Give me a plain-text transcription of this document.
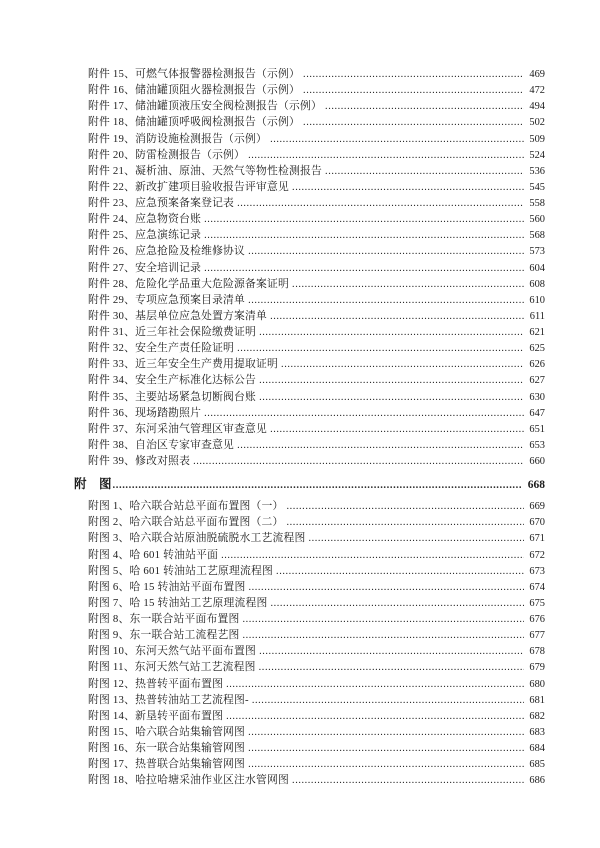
附件 15、可燃气体报警器检测报告（示例） .....	469
附件 16、储油罐顶阻火器检测报告（示例） .....	472
附件 17、储油罐顶液压安全阀检测报告（示例） .....	494
附件 18、储油罐顶呼吸阀检测报告（示例） .....	502
附件 19、消防设施检测报告（示例） .....	509
附件 20、防雷检测报告（示例） .....	524
附件 21、凝析油、原油、天然气等物性检测报告 .....	536
附件 22、新改扩建项目验收报告评审意见 .....	545
附件 23、应急预案备案登记表 .....	558
附件 24、应急物资台账 .....	560
附件 25、应急演练记录 .....	568
附件 26、应急抢险及检维修协议 .....	573
附件 27、安全培训记录 .....	604
附件 28、危险化学品重大危险源备案证明 .....	608
附件 29、专项应急预案目录清单 .....	610
附件 30、基层单位应急处置方案清单 .....	611
附件 31、近三年社会保险缴费证明 .....	621
附件 32、安全生产责任险证明 .....	625
附件 33、近三年安全生产费用提取证明 .....	626
附件 34、安全生产标准化达标公告 .....	627
附件 35、主要站场紧急切断阀台账 .....	630
附件 36、现场踏勘照片 .....	647
附件 37、东河采油气管理区审查意见 .....	651
附件 38、自治区专家审查意见 .....	653
附件 39、修改对照表 .....	660
附　图 .....	668
附图 1、哈六联合站总平面布置图（一） .....	669
附图 2、哈六联合站总平面布置图（二） .....	670
附图 3、哈六联合站原油脱硫脱水工艺流程图 .....	671
附图 4、哈 601 转油站平面 .....	672
附图 5、哈 601 转油站工艺原理流程图 .....	673
附图 6、哈 15 转油站平面布置图 .....	674
附图 7、哈 15 转油站工艺原理流程图 .....	675
附图 8、东一联合站平面布置图 .....	676
附图 9、东一联合站工流程艺图 .....	677
附图 10、东河天然气站平面布置图 .....	678
附图 11、东河天然气站工艺流程图 .....	679
附图 12、热普转平面布置图 .....	680
附图 13、热普转油站工艺流程图- .....	681
附图 14、新垦转平面布置图 .....	682
附图 15、哈六联合站集输管网图 .....	683
附图 16、东一联合站集输管网图 .....	684
附图 17、热普联合站集输管网图 .....	685
附图 18、哈拉哈塘采油作业区注水管网图 .....	686
